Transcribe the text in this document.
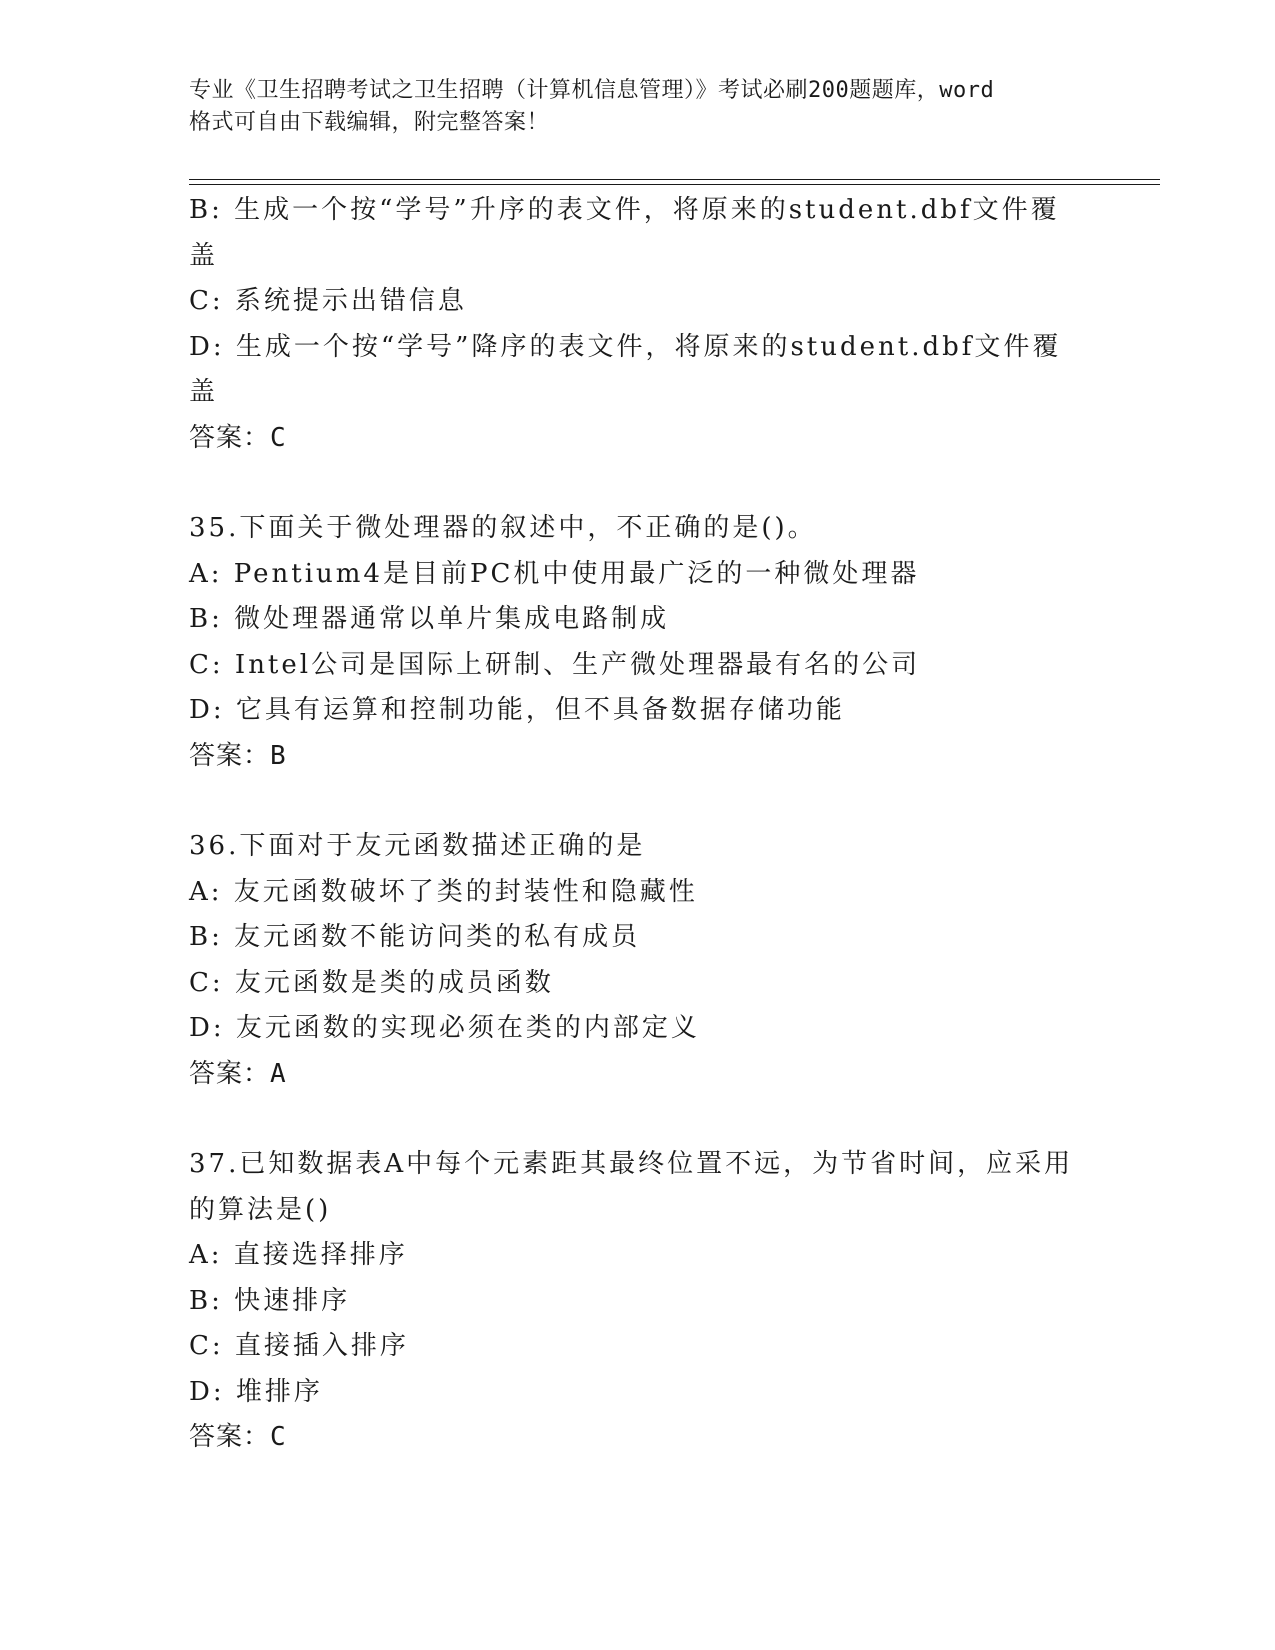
专业《卫生招聘考试之卫生招聘（计算机信息管理）》考试必刷200题题库，word
格式可自由下载编辑，附完整答案！
B: 生成一个按“学号”升序的表文件，将原来的student.dbf文件覆
盖
C: 系统提示出错信息
D: 生成一个按“学号”降序的表文件，将原来的student.dbf文件覆
盖
答案：C
35.下面关于微处理器的叙述中，不正确的是()。
A: Pentium4是目前PC机中使用最广泛的一种微处理器
B: 微处理器通常以单片集成电路制成
C: Intel公司是国际上研制、生产微处理器最有名的公司
D: 它具有运算和控制功能，但不具备数据存储功能
答案：B
36.下面对于友元函数描述正确的是
A: 友元函数破坏了类的封装性和隐藏性
B: 友元函数不能访问类的私有成员
C: 友元函数是类的成员函数
D: 友元函数的实现必须在类的内部定义
答案：A
37.已知数据表A中每个元素距其最终位置不远，为节省时间，应采用
的算法是()
A: 直接选择排序
B: 快速排序
C: 直接插入排序
D: 堆排序
答案：C
